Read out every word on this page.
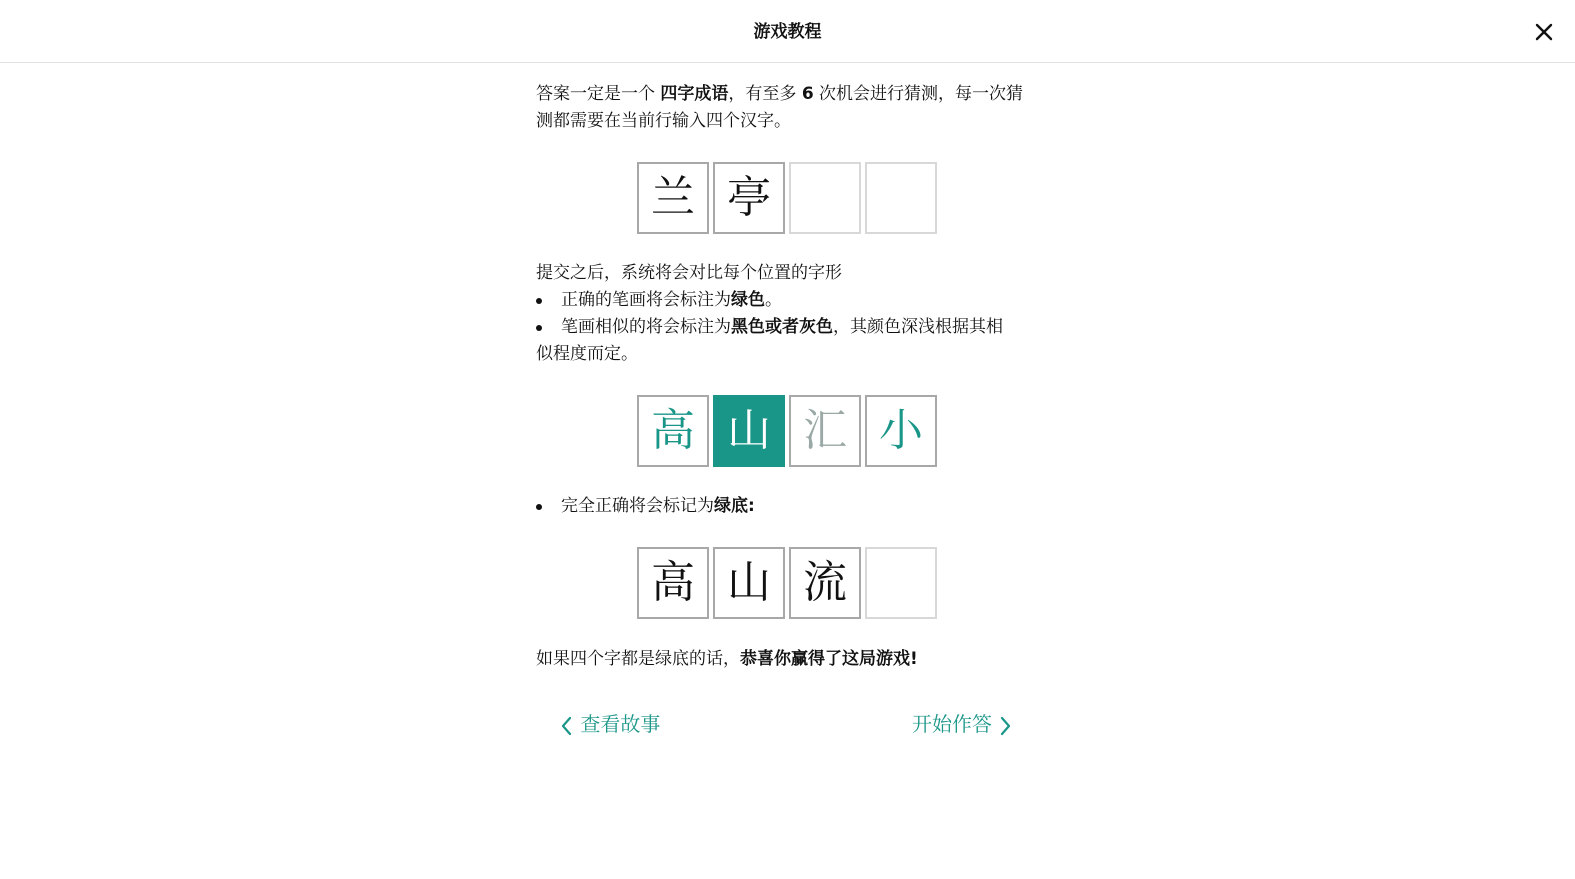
游戏教程

答案一定是一个 四字成语，有至多 6 次机会进行猜测，每一次猜测都需要在当前行输入四个汉字。

兰 亭

提交之后，系统将会对比每个位置的字形

正确的笔画将会标注为绿色。
笔画相似的将会标注为黑色或者灰色，其颜色深浅根据其相
似程度而定。
高 山 汇 小
完全正确将会标记为绿底:
高 山 流

如果四个字都是绿底的话，恭喜你赢得了这局游戏!

查看故事	开始作答
